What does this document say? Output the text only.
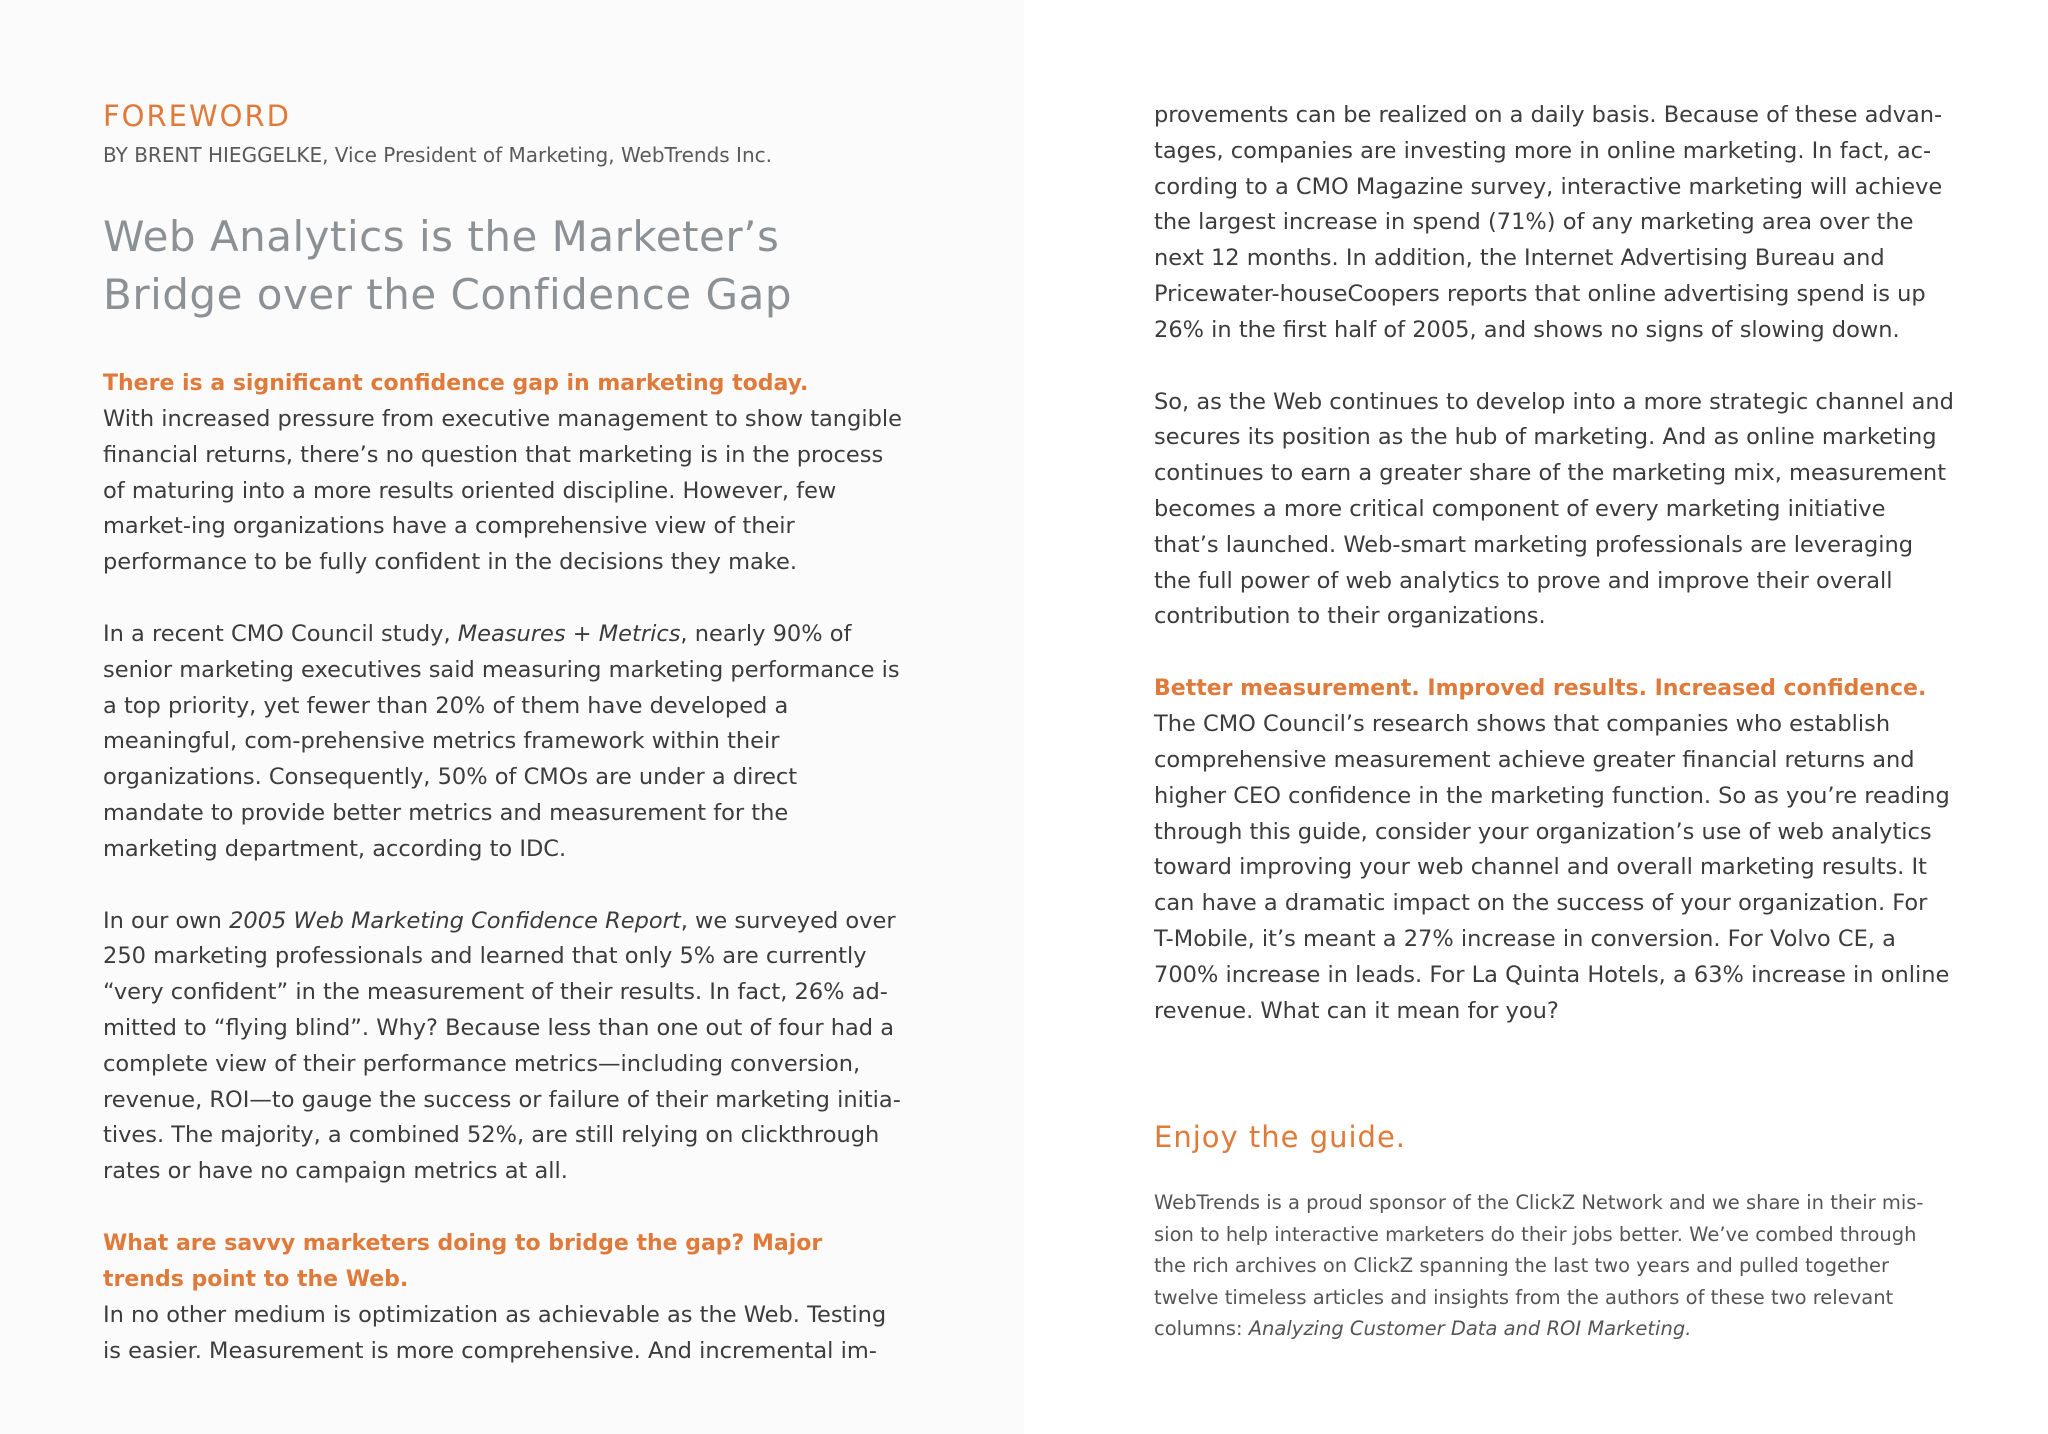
FOREWORD

BY BRENT HIEGGELKE, Vice President of Marketing, WebTrends Inc.

Web Analytics is the Marketer’s
Bridge over the Confidence Gap

There is a significant confidence gap in marketing today.

With increased pressure from executive management to show tangible financial returns, there’s no question that marketing is in the process of maturing into a more results oriented discipline. However, few market-ing organizations have a comprehensive view of their performance to be fully confident in the decisions they make.

In a recent CMO Council study, Measures + Metrics, nearly 90% of senior marketing executives said measuring marketing performance is a top priority, yet fewer than 20% of them have developed a meaningful, com-prehensive metrics framework within their organizations. Consequently, 50% of CMOs are under a direct mandate to provide better metrics and measurement for the marketing department, according to IDC.

In our own 2005 Web Marketing Confidence Report, we surveyed over 250 marketing professionals and learned that only 5% are currently “very confident” in the measurement of their results. In fact, 26% ad-mitted to “flying blind”. Why? Because less than one out of four had a complete view of their performance metrics—including conversion, revenue, ROI—to gauge the success or failure of their marketing initia-tives. The majority, a combined 52%, are still relying on clickthrough rates or have no campaign metrics at all.

What are savvy marketers doing to bridge the gap? Major trends point to the Web.

In no other medium is optimization as achievable as the Web. Testing is easier. Measurement is more comprehensive. And incremental im-

provements can be realized on a daily basis. Because of these advan-tages, companies are investing more in online marketing. In fact, ac-cording to a CMO Magazine survey, interactive marketing will achieve the largest increase in spend (71%) of any marketing area over the next 12 months. In addition, the Internet Advertising Bureau and Pricewater-houseCoopers reports that online advertising spend is up 26% in the first half of 2005, and shows no signs of slowing down.

So, as the Web continues to develop into a more strategic channel and secures its position as the hub of marketing. And as online marketing continues to earn a greater share of the marketing mix, measurement becomes a more critical component of every marketing initiative that’s launched. Web-smart marketing professionals are leveraging the full power of web analytics to prove and improve their overall contribution to their organizations.

Better measurement. Improved results. Increased confidence.

The CMO Council’s research shows that companies who establish comprehensive measurement achieve greater financial returns and higher CEO confidence in the marketing function. So as you’re reading through this guide, consider your organization’s use of web analytics toward improving your web channel and overall marketing results. It can have a dramatic impact on the success of your organization. For T-Mobile, it’s meant a 27% increase in conversion. For Volvo CE, a 700% increase in leads. For La Quinta Hotels, a 63% increase in online revenue. What can it mean for you?

Enjoy the guide.

WebTrends is a proud sponsor of the ClickZ Network and we share in their mis-sion to help interactive marketers do their jobs better. We’ve combed through the rich archives on ClickZ spanning the last two years and pulled together twelve timeless articles and insights from the authors of these two relevant columns: Analyzing Customer Data and ROI Marketing.
